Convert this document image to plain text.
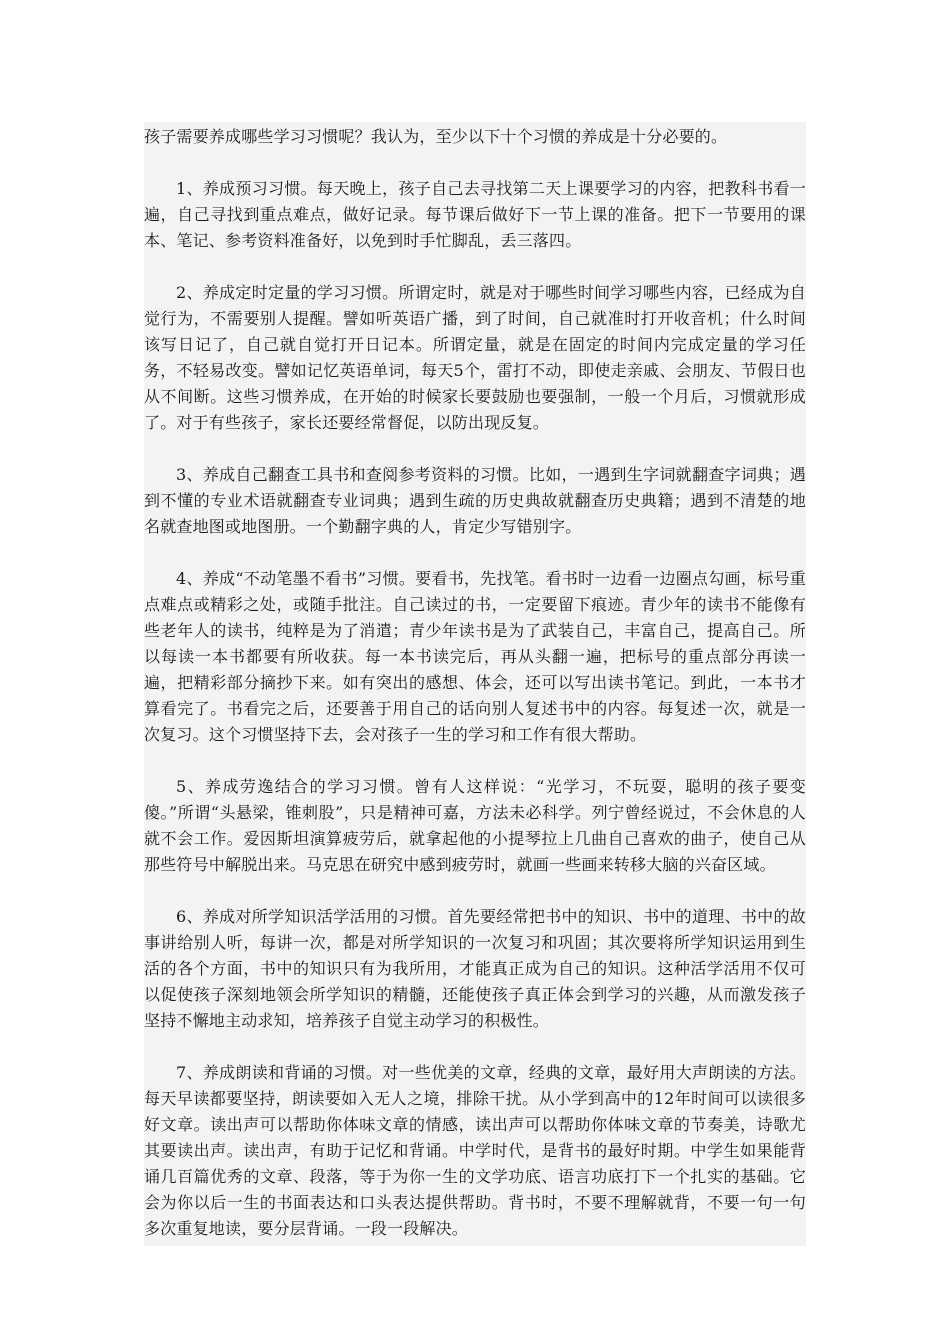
孩子需要养成哪些学习习惯呢？我认为，至少以下十个习惯的养成是十分必要的。

1、养成预习习惯。每天晚上，孩子自己去寻找第二天上课要学习的内容，把教科书看一遍，自己寻找到重点难点，做好记录。每节课后做好下一节上课的准备。把下一节要用的课本、笔记、参考资料准备好，以免到时手忙脚乱，丢三落四。

2、养成定时定量的学习习惯。所谓定时，就是对于哪些时间学习哪些内容，已经成为自觉行为，不需要别人提醒。譬如听英语广播，到了时间，自己就准时打开收音机；什么时间该写日记了，自己就自觉打开日记本。所谓定量，就是在固定的时间内完成定量的学习任务，不轻易改变。譬如记忆英语单词，每天5个，雷打不动，即使走亲戚、会朋友、节假日也从不间断。这些习惯养成，在开始的时候家长要鼓励也要强制，一般一个月后，习惯就形成了。对于有些孩子，家长还要经常督促，以防出现反复。

3、养成自己翻查工具书和查阅参考资料的习惯。比如，一遇到生字词就翻查字词典；遇到不懂的专业术语就翻查专业词典；遇到生疏的历史典故就翻查历史典籍；遇到不清楚的地名就查地图或地图册。一个勤翻字典的人，肯定少写错别字。

4、养成“不动笔墨不看书”习惯。要看书，先找笔。看书时一边看一边圈点勾画，标号重点难点或精彩之处，或随手批注。自己读过的书，一定要留下痕迹。青少年的读书不能像有些老年人的读书，纯粹是为了消遣；青少年读书是为了武装自己，丰富自己，提高自己。所以每读一本书都要有所收获。每一本书读完后，再从头翻一遍，把标号的重点部分再读一遍，把精彩部分摘抄下来。如有突出的感想、体会，还可以写出读书笔记。到此，一本书才算看完了。书看完之后，还要善于用自己的话向别人复述书中的内容。每复述一次，就是一次复习。这个习惯坚持下去，会对孩子一生的学习和工作有很大帮助。

5、养成劳逸结合的学习习惯。曾有人这样说：“光学习，不玩耍，聪明的孩子要变傻。”所谓“头悬梁，锥刺股”，只是精神可嘉，方法未必科学。列宁曾经说过，不会休息的人就不会工作。爱因斯坦演算疲劳后，就拿起他的小提琴拉上几曲自己喜欢的曲子，使自己从那些符号中解脱出来。马克思在研究中感到疲劳时，就画一些画来转移大脑的兴奋区域。

6、养成对所学知识活学活用的习惯。首先要经常把书中的知识、书中的道理、书中的故事讲给别人听，每讲一次，都是对所学知识的一次复习和巩固；其次要将所学知识运用到生活的各个方面，书中的知识只有为我所用，才能真正成为自己的知识。这种活学活用不仅可以促使孩子深刻地领会所学知识的精髓，还能使孩子真正体会到学习的兴趣，从而激发孩子坚持不懈地主动求知，培养孩子自觉主动学习的积极性。

7、养成朗读和背诵的习惯。对一些优美的文章，经典的文章，最好用大声朗读的方法。每天早读都要坚持，朗读要如入无人之境，排除干扰。从小学到高中的12年时间可以读很多好文章。读出声可以帮助你体味文章的情感，读出声可以帮助你体味文章的节奏美，诗歌尤其要读出声。读出声，有助于记忆和背诵。中学时代，是背书的最好时期。中学生如果能背诵几百篇优秀的文章、段落，等于为你一生的文学功底、语言功底打下一个扎实的基础。它会为你以后一生的书面表达和口头表达提供帮助。背书时，不要不理解就背，不要一句一句多次重复地读，要分层背诵。一段一段解决。
